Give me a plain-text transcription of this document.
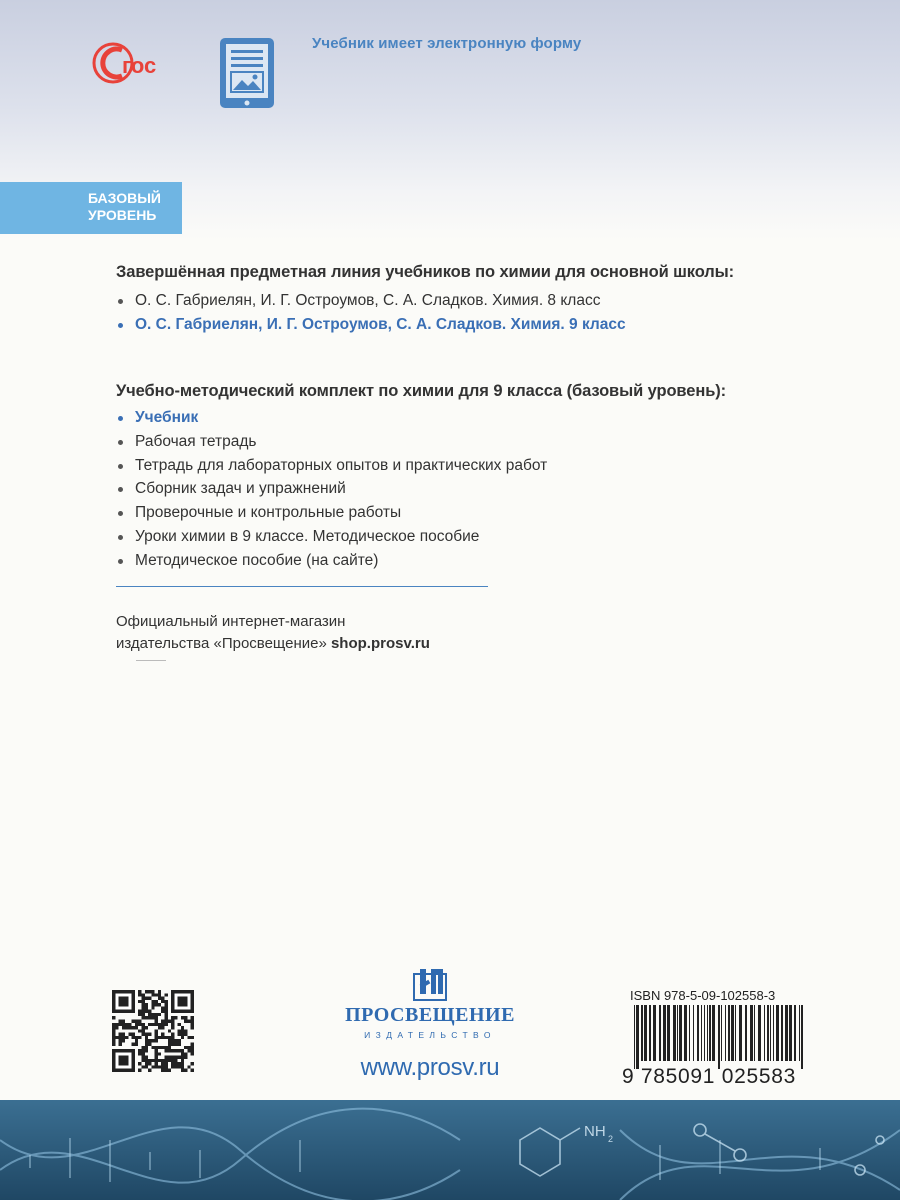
гос
Учебник имеет электронную форму
БАЗОВЫЙ
УРОВЕНЬ
Завершённая предметная линия учебников по химии для основной школы:
О. С. Габриелян, И. Г. Остроумов, С. А. Сладков. Химия. 8 класс
О. С. Габриелян, И. Г. Остроумов, С. А. Сладков. Химия. 9 класс
Учебно-методический комплект по химии для 9 класса (базовый уровень):
Учебник
Рабочая тетрадь
Тетрадь для лабораторных опытов и практических работ
Сборник задач и упражнений
Проверочные и контрольные работы
Уроки химии в 9 классе. Методическое пособие
Методическое пособие (на сайте)
Официальный интернет-магазин
издательства «Просвещение» shop.prosv.ru
ПРОСВЕЩЕНИЕ
ИЗДАТЕЛЬСТВО
www.prosv.ru
ISBN 978-5-09-102558-3
9 785091 025583
NH 2
